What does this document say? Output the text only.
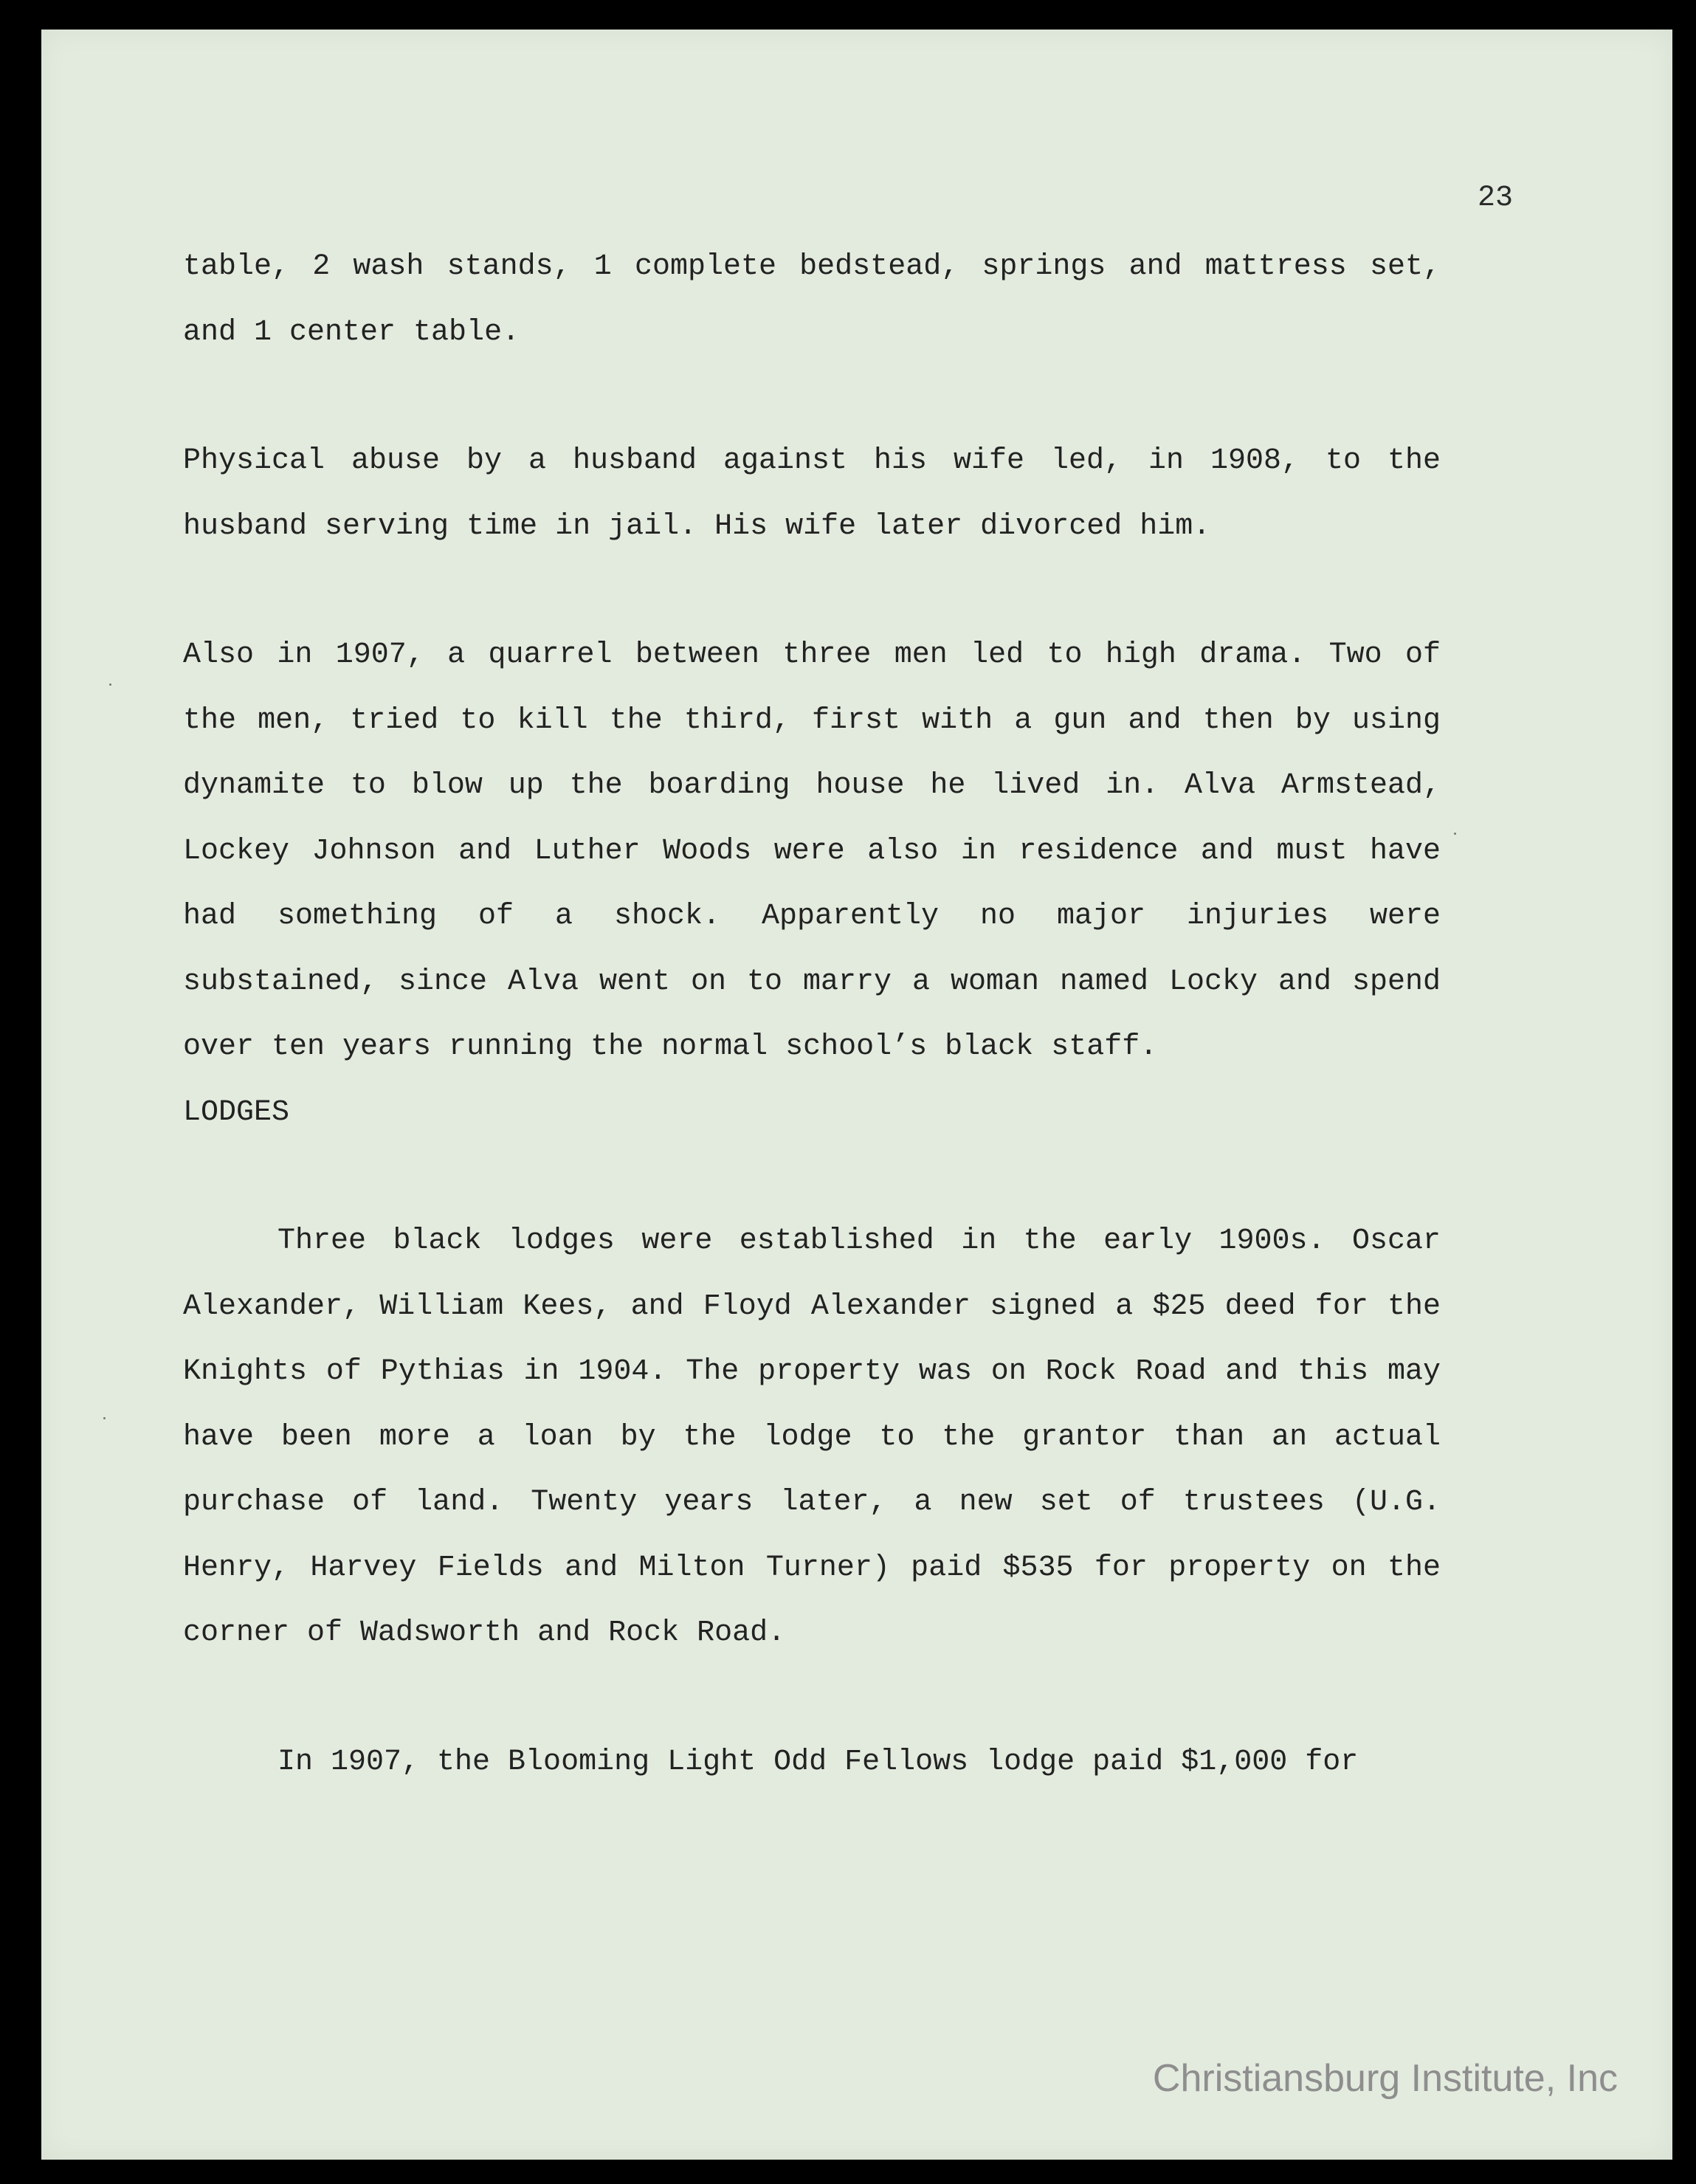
23

table, 2 wash stands, 1 complete bedstead, springs and mattress set, and 1 center table.

Physical abuse by a husband against his wife led, in 1908, to the husband serving time in jail. His wife later divorced him.

Also in 1907, a quarrel between three men led to high drama. Two of the men, tried to kill the third, first with a gun and then by using dynamite to blow up the boarding house he lived in. Alva Armstead, Lockey Johnson and Luther Woods were also in residence and must have had something of a shock. Apparently no major injuries were substained, since Alva went on to marry a woman named Locky and spend over ten years running the normal school’s black staff.

LODGES

Three black lodges were established in the early 1900s. Oscar Alexander, William Kees, and Floyd Alexander signed a $25 deed for the Knights of Pythias in 1904. The property was on Rock Road and this may have been more a loan by the lodge to the grantor than an actual purchase of land. Twenty years later, a new set of trustees (U.G. Henry, Harvey Fields and Milton Turner) paid $535 for property on the corner of Wadsworth and Rock Road.

In 1907, the Blooming Light Odd Fellows lodge paid $1,000 for

Christiansburg Institute, Inc
